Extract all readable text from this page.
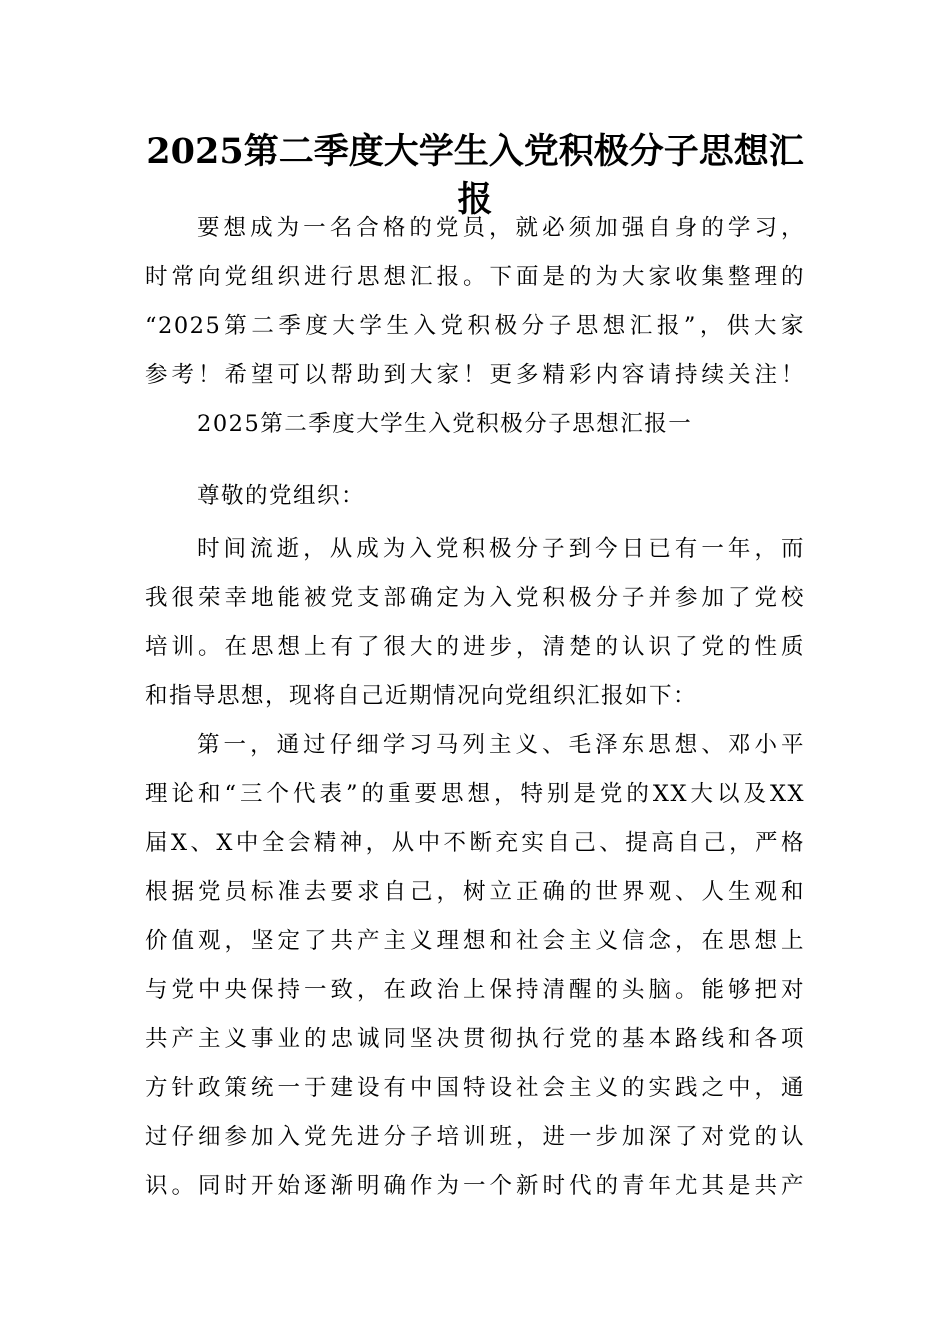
2025第二季度大学生入党积极分子思想汇
报
要想成为一名合格的党员，就必须加强自身的学习，
时常向党组织进行思想汇报。下面是的为大家收集整理的
“2025第二季度大学生入党积极分子思想汇报”，供大家
参考！希望可以帮助到大家！更多精彩内容请持续关注！
2025第二季度大学生入党积极分子思想汇报一
尊敬的党组织：
时间流逝，从成为入党积极分子到今日已有一年，而
我很荣幸地能被党支部确定为入党积极分子并参加了党校
培训。在思想上有了很大的进步，清楚的认识了党的性质
和指导思想，现将自己近期情况向党组织汇报如下：
第一，通过仔细学习马列主义、毛泽东思想、邓小平
理论和“三个代表”的重要思想，特别是党的XX大以及XX
届X、X中全会精神，从中不断充实自己、提高自己，严格
根据党员标准去要求自己，树立正确的世界观、人生观和
价值观，坚定了共产主义理想和社会主义信念，在思想上
与党中央保持一致，在政治上保持清醒的头脑。能够把对
共产主义事业的忠诚同坚决贯彻执行党的基本路线和各项
方针政策统一于建设有中国特设社会主义的实践之中，通
过仔细参加入党先进分子培训班，进一步加深了对党的认
识。同时开始逐渐明确作为一个新时代的青年尤其是共产
